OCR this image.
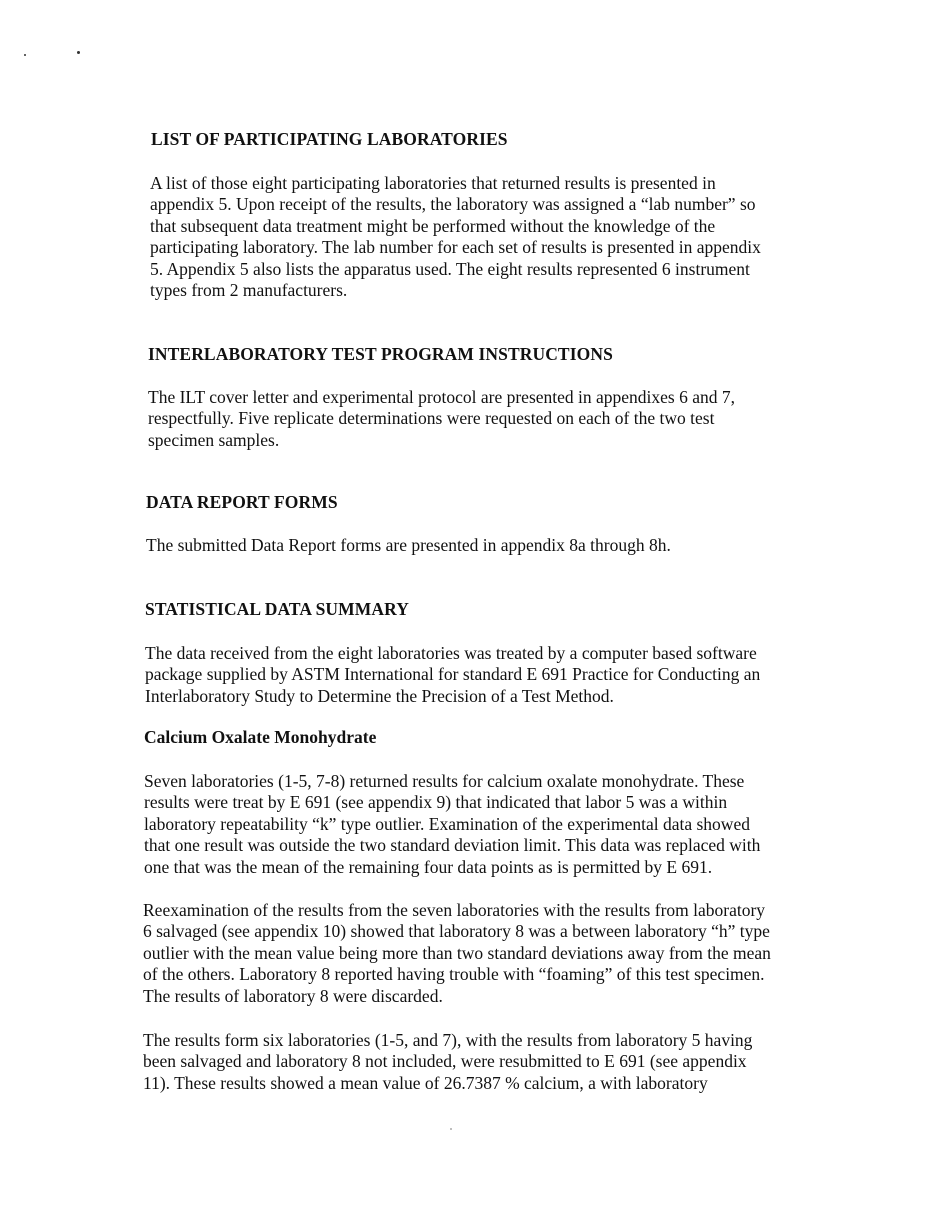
LIST OF PARTICIPATING LABORATORIES

A list of those eight participating laboratories that returned results is presented in
appendix 5. Upon receipt of the results, the laboratory was assigned a “lab number” so
that subsequent data treatment might be performed without the knowledge of the
participating laboratory. The lab number for each set of results is presented in appendix
5. Appendix 5 also lists the apparatus used. The eight results represented 6 instrument
types from 2 manufacturers.

INTERLABORATORY TEST PROGRAM INSTRUCTIONS

The ILT cover letter and experimental protocol are presented in appendixes 6 and 7,
respectfully. Five replicate determinations were requested on each of the two test
specimen samples.

DATA REPORT FORMS

The submitted Data Report forms are presented in appendix 8a through 8h.

STATISTICAL DATA SUMMARY

The data received from the eight laboratories was treated by a computer based software
package supplied by ASTM International for standard E 691 Practice for Conducting an
Interlaboratory Study to Determine the Precision of a Test Method.

Calcium Oxalate Monohydrate

Seven laboratories (1-5, 7-8) returned results for calcium oxalate monohydrate. These
results were treat by E 691 (see appendix 9) that indicated that labor 5 was a within
laboratory repeatability “k” type outlier. Examination of the experimental data showed
that one result was outside the two standard deviation limit. This data was replaced with
one that was the mean of the remaining four data points as is permitted by E 691.

Reexamination of the results from the seven laboratories with the results from laboratory
6 salvaged (see appendix 10) showed that laboratory 8 was a between laboratory “h” type
outlier with the mean value being more than two standard deviations away from the mean
of the others. Laboratory 8 reported having trouble with “foaming” of this test specimen.
The results of laboratory 8 were discarded.

The results form six laboratories (1-5, and 7), with the results from laboratory 5 having
been salvaged and laboratory 8 not included, were resubmitted to E 691 (see appendix
11). These results showed a mean value of 26.7387 % calcium, a with laboratory
